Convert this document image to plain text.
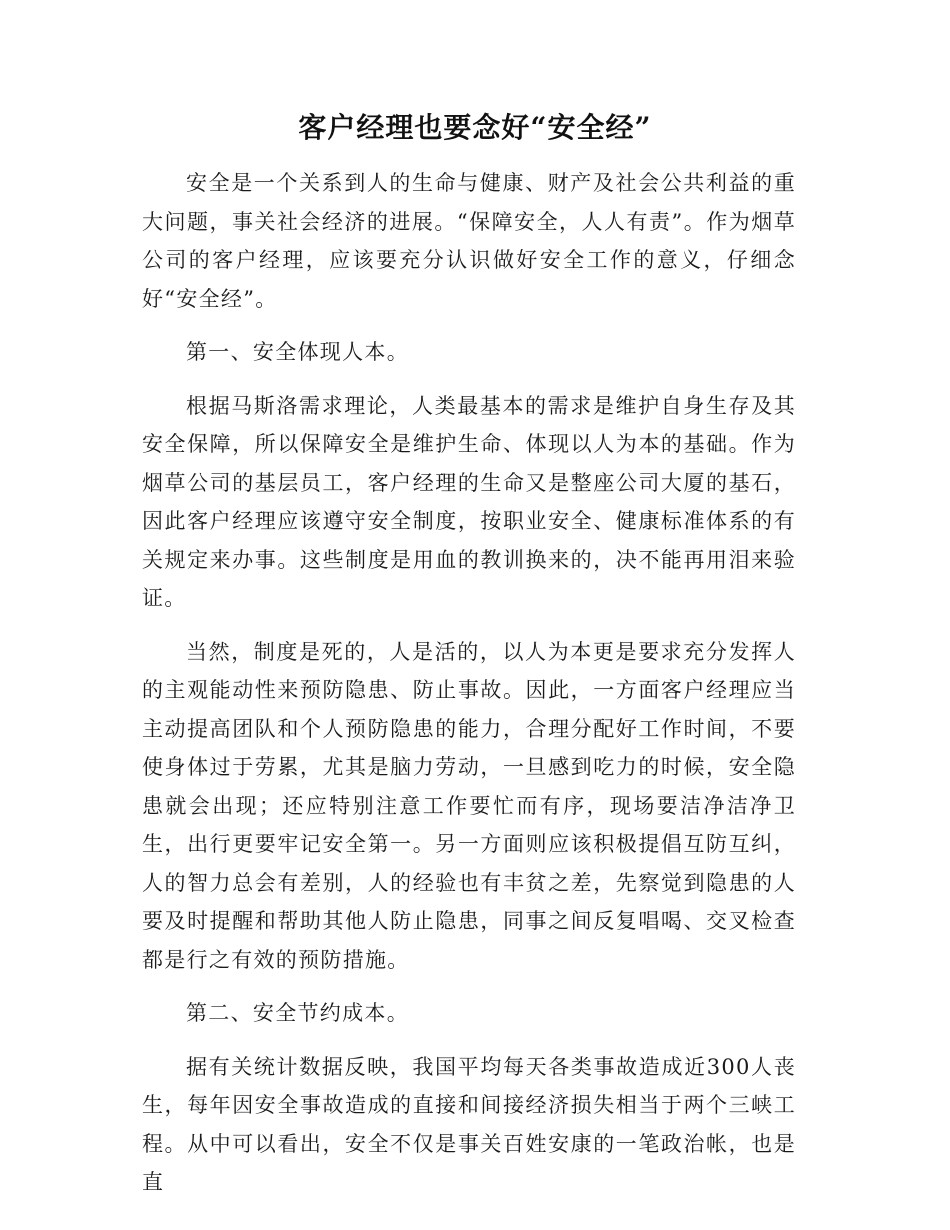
客户经理也要念好“安全经”

安全是一个关系到人的生命与健康、财产及社会公共利益的重大问题，事关社会经济的进展。“保障安全，人人有责”。作为烟草公司的客户经理，应该要充分认识做好安全工作的意义，仔细念好“安全经”。

第一、安全体现人本。

根据马斯洛需求理论，人类最基本的需求是维护自身生存及其安全保障，所以保障安全是维护生命、体现以人为本的基础。作为烟草公司的基层员工，客户经理的生命又是整座公司大厦的基石，因此客户经理应该遵守安全制度，按职业安全、健康标准体系的有关规定来办事。这些制度是用血的教训换来的，决不能再用泪来验证。

当然，制度是死的，人是活的，以人为本更是要求充分发挥人的主观能动性来预防隐患、防止事故。因此，一方面客户经理应当主动提高团队和个人预防隐患的能力，合理分配好工作时间，不要使身体过于劳累，尤其是脑力劳动，一旦感到吃力的时候，安全隐患就会出现；还应特别注意工作要忙而有序，现场要洁净洁净卫生，出行更要牢记安全第一。另一方面则应该积极提倡互防互纠，人的智力总会有差别，人的经验也有丰贫之差，先察觉到隐患的人要及时提醒和帮助其他人防止隐患，同事之间反复唱喝、交叉检查都是行之有效的预防措施。

第二、安全节约成本。

据有关统计数据反映，我国平均每天各类事故造成近300人丧生，每年因安全事故造成的直接和间接经济损失相当于两个三峡工程。从中可以看出，安全不仅是事关百姓安康的一笔政治帐，也是直
